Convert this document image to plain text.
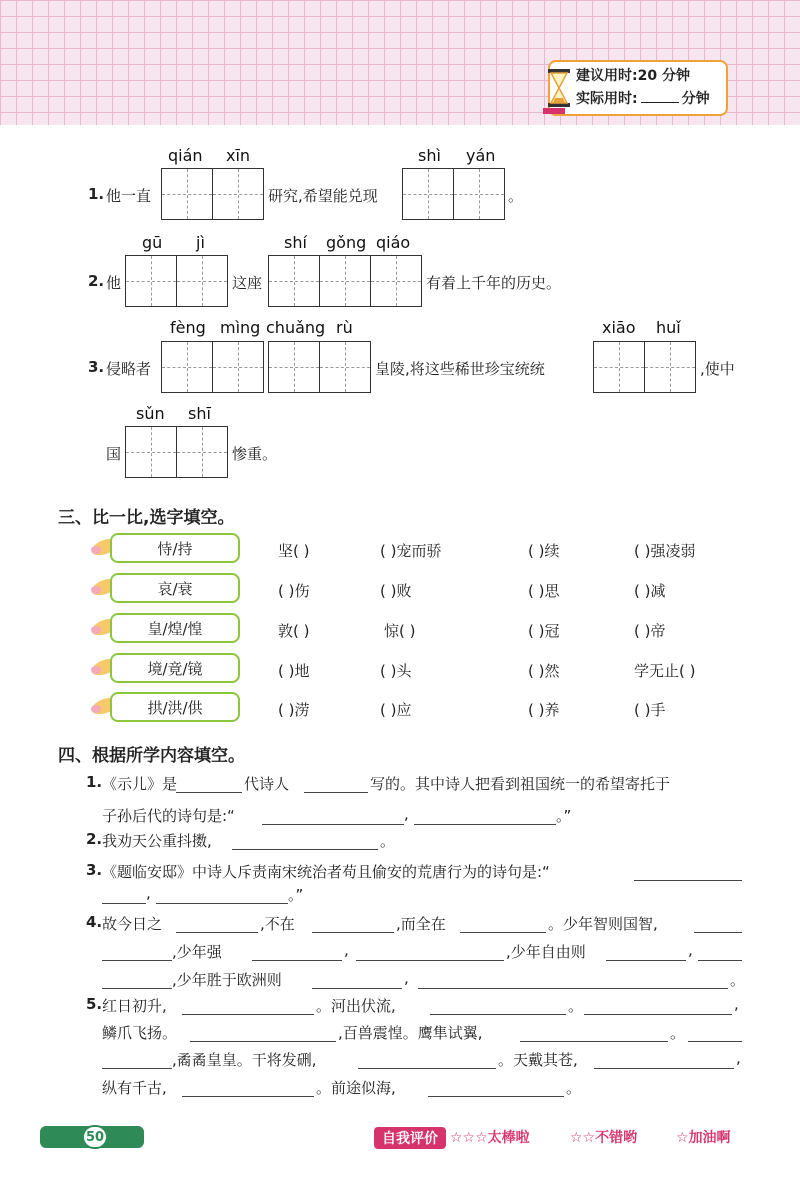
建议用时:20 分钟
实际用时:	分钟
qián xīn
1. 他一直	研究,希望能兑现
shì yán
。
gū jì
2. 他	这座
shí gǒng qiáo
有着上千年的历史。
fèng mìng chuǎng rù
3. 侵略者	皇陵,将这些稀世珍宝统统
xiāo huǐ
,使中
sǔn shī
国	惨重。
三、比一比,选字填空。
恃/持	坚( )	( )宠而骄	( )续	( )强凌弱
哀/衰	( )伤	( )败	( )思	( )减
皇/煌/惶	敦( )	惊( )	( )冠	( )帝
境/竟/镜	( )地	( )头	( )然	学无止( )
拱/洪/供	( )涝	( )应	( )养	( )手
四、根据所学内容填空。
1. 《示儿》是	代诗人	写的。其中诗人把看到祖国统一的希望寄托于
子孙后代的诗句是:“	,	。”
2. 我劝天公重抖擞,	。
3. 《题临安邸》中诗人斥责南宋统治者苟且偷安的荒唐行为的诗句是:“
,	。”
4. 故今日之	,不在	,而全在	。少年智则国智,
,少年强	,	,少年自由则	,
,少年胜于欧洲则	,	。
5. 红日初升,	。河出伏流,	。	,
鳞爪飞扬。	,百兽震惶。鹰隼试翼,	。
,矞矞皇皇。干将发硎,	。天戴其苍,	,
纵有千古,	。前途似海,	。
50	自我评价 ☆☆☆太棒啦	☆☆不错哟	☆加油啊
